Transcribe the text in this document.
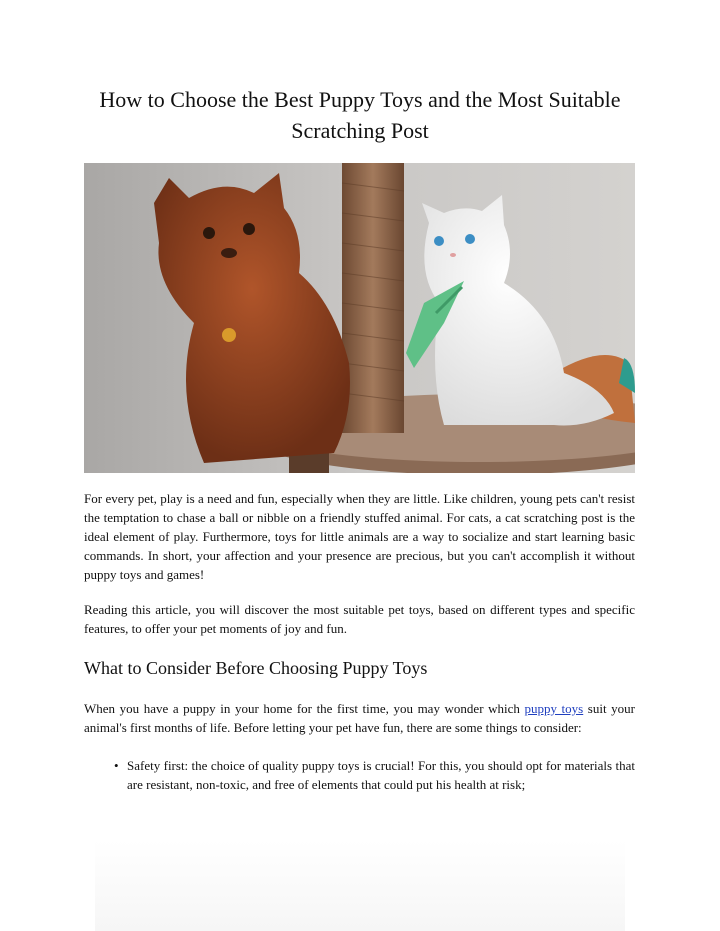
How to Choose the Best Puppy Toys and the Most Suitable Scratching Post

For every pet, play is a need and fun, especially when they are little. Like children, young pets can't resist the temptation to chase a ball or nibble on a friendly stuffed animal. For cats, a cat scratching post is the ideal element of play. Furthermore, toys for little animals are a way to socialize and start learning basic commands. In short, your affection and your presence are precious, but you can't accomplish it without puppy toys and games!

Reading this article, you will discover the most suitable pet toys, based on different types and specific features, to offer your pet moments of joy and fun.

What to Consider Before Choosing Puppy Toys

When you have a puppy in your home for the first time, you may wonder which puppy toys suit your animal's first months of life. Before letting your pet have fun, there are some things to consider:

• Safety first: the choice of quality puppy toys is crucial! For this, you should opt for materials that are resistant, non-toxic, and free of elements that could put his health at risk;
